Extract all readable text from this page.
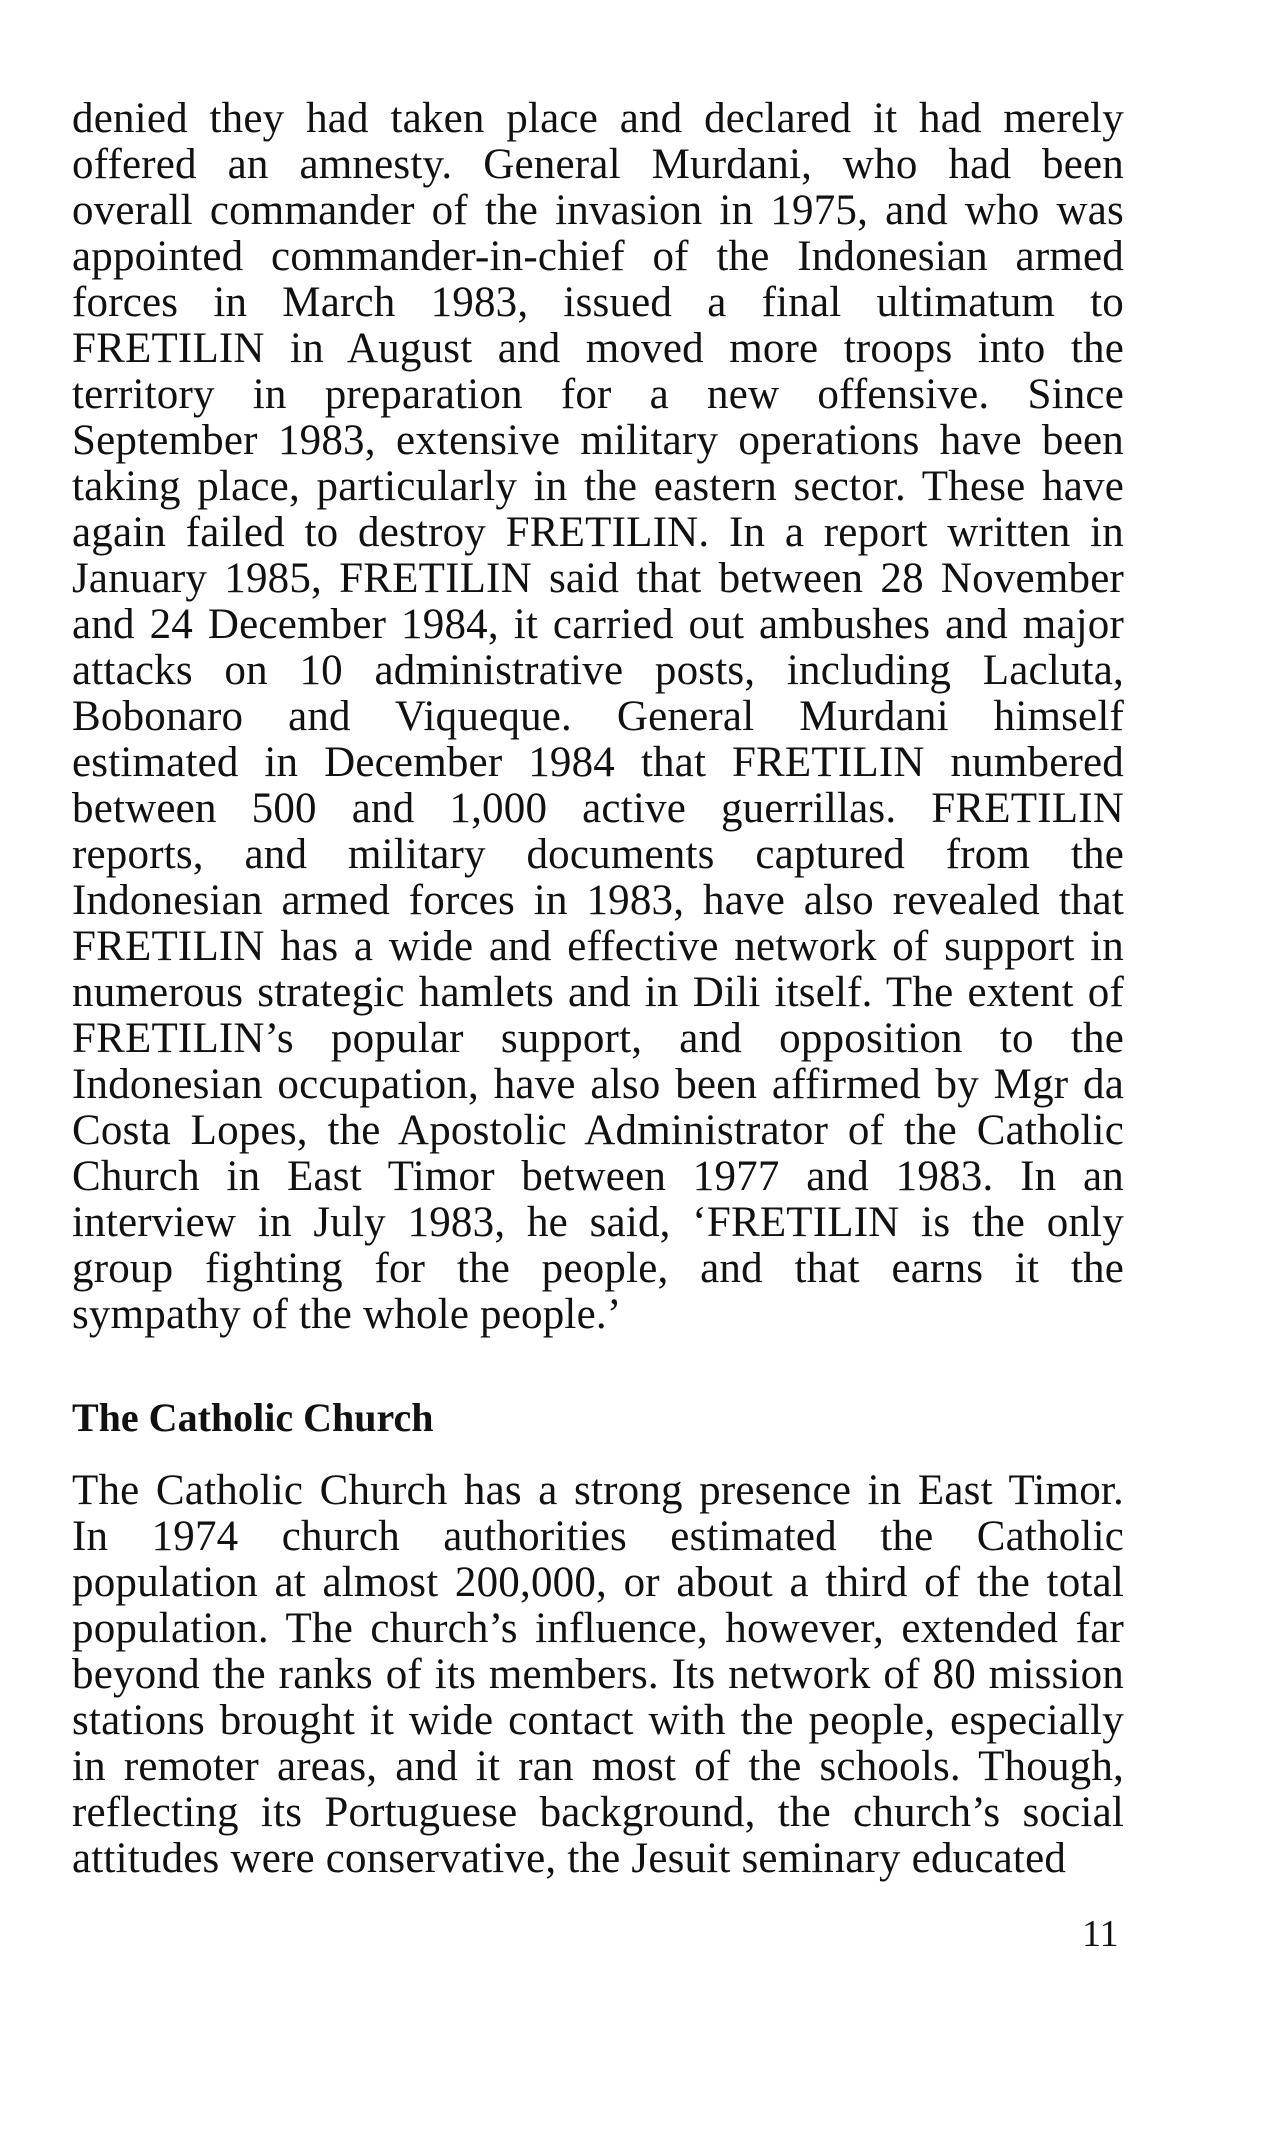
denied they had taken place and declared it had merely
offered an amnesty. General Murdani, who had been
overall commander of the invasion in 1975, and who was
appointed commander-in-chief of the Indonesian armed
forces in March 1983, issued a final ultimatum to
FRETILIN in August and moved more troops into the
territory in preparation for a new offensive. Since
September 1983, extensive military operations have been
taking place, particularly in the eastern sector. These have
again failed to destroy FRETILIN. In a report written in
January 1985, FRETILIN said that between 28 November
and 24 December 1984, it carried out ambushes and major
attacks on 10 administrative posts, including Lacluta,
Bobonaro and Viqueque. General Murdani himself
estimated in December 1984 that FRETILIN numbered
between 500 and 1,000 active guerrillas. FRETILIN
reports, and military documents captured from the
Indonesian armed forces in 1983, have also revealed that
FRETILIN has a wide and effective network of support in
numerous strategic hamlets and in Dili itself. The extent of
FRETILIN’s popular support, and opposition to the
Indonesian occupation, have also been affirmed by Mgr da
Costa Lopes, the Apostolic Administrator of the Catholic
Church in East Timor between 1977 and 1983. In an
interview in July 1983, he said, ‘FRETILIN is the only
group fighting for the people, and that earns it the
sympathy of the whole people.’
The Catholic Church
The Catholic Church has a strong presence in East Timor.
In 1974 church authorities estimated the Catholic
population at almost 200,000, or about a third of the total
population. The church’s influence, however, extended far
beyond the ranks of its members. Its network of 80 mission
stations brought it wide contact with the people, especially
in remoter areas, and it ran most of the schools. Though,
reflecting its Portuguese background, the church’s social
attitudes were conservative, the Jesuit seminary educated
11
